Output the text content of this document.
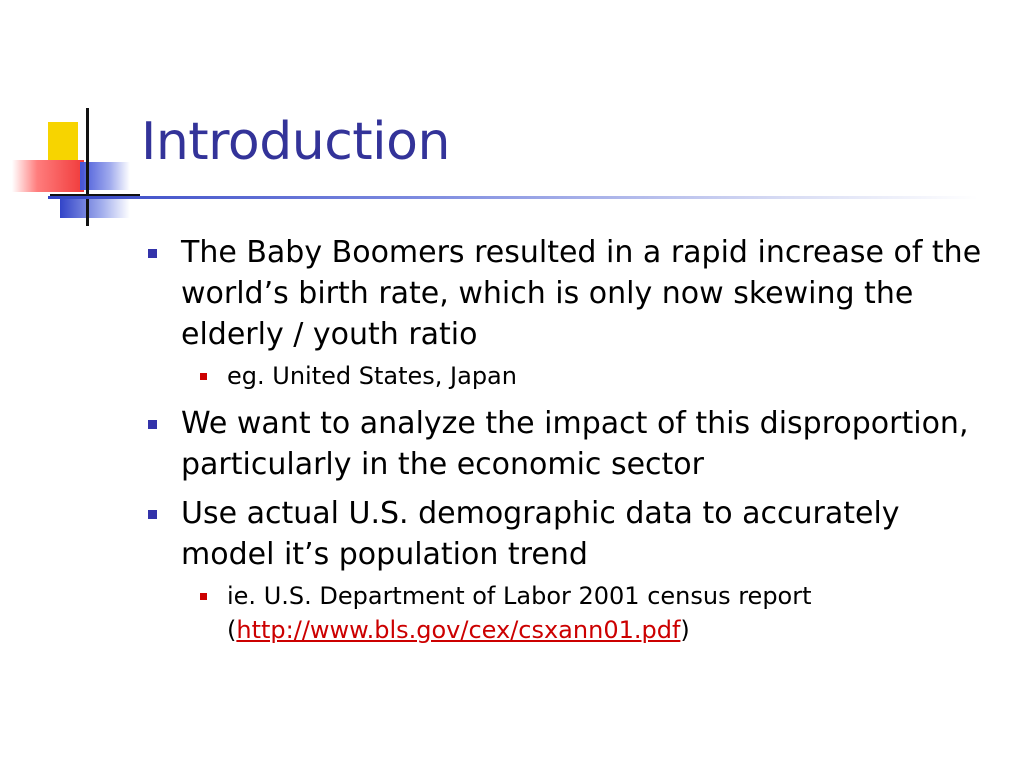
Introduction
The Baby Boomers resulted in a rapid increase of the world’s birth rate, which is only now skewing the elderly / youth ratio
eg. United States, Japan
We want to analyze the impact of this disproportion, particularly in the economic sector
Use actual U.S. demographic data to accurately model it’s population trend
ie. U.S. Department of Labor 2001 census report (http://www.bls.gov/cex/csxann01.pdf)
